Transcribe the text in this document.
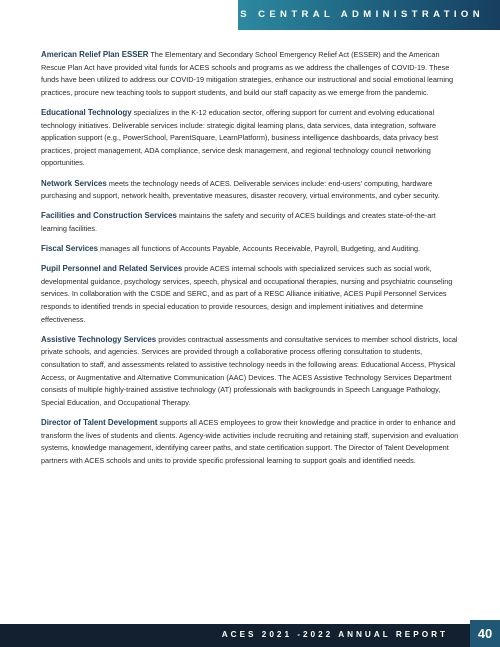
ACES CENTRAL ADMINISTRATION

American Relief Plan ESSER The Elementary and Secondary School Emergency Relief Act (ESSER) and the American Rescue Plan Act have provided vital funds for ACES schools and programs as we address the challenges of COVID-19. These funds have been utilized to address our COVID-19 mitigation strategies, enhance our instructional and social emotional learning practices, procure new teaching tools to support students, and build our staff capacity as we emerge from the pandemic.

Educational Technology specializes in the K-12 education sector, offering support for current and evolving educational technology initiatives. Deliverable services include: strategic digital learning plans, data services, data integration, software application support (e.g., PowerSchool, ParentSquare, LearnPlatform), business intelligence dashboards, data privacy best practices, project management, ADA compliance, service desk management, and regional technology council networking opportunities.

Network Services meets the technology needs of ACES. Deliverable services include: end-users' computing, hardware purchasing and support, network health, preventative measures, disaster recovery, virtual environments, and cyber security.

Facilities and Construction Services maintains the safety and security of ACES buildings and creates state-of-the-art learning facilities.

Fiscal Services manages all functions of Accounts Payable, Accounts Receivable, Payroll, Budgeting, and Auditing.

Pupil Personnel and Related Services provide ACES internal schools with specialized services such as social work, developmental guidance, psychology services, speech, physical and occupational therapies, nursing and psychiatric counseling services. In collaboration with the CSDE and SERC, and as part of a RESC Alliance initiative, ACES Pupil Personnel Services responds to identified trends in special education to provide resources, design and implement initiatives and determine effectiveness.

Assistive Technology Services provides contractual assessments and consultative services to member school districts, local private schools, and agencies. Services are provided through a collaborative process offering consultation to students, consultation to staff, and assessments related to assistive technology needs in the following areas: Educational Access, Physical Access, or Augmentative and Alternative Communication (AAC) Devices. The ACES Assistive Technology Services Department consists of multiple highly-trained assistive technology (AT) professionals with backgrounds in Speech Language Pathology, Special Education, and Occupational Therapy.

Director of Talent Development supports all ACES employees to grow their knowledge and practice in order to enhance and transform the lives of students and clients. Agency-wide activities include recruiting and retaining staff, supervision and evaluation systems, knowledge management, identifying career paths, and state certification support. The Director of Talent Development partners with ACES schools and units to provide specific professional learning to support goals and identified needs.

ACES 2021 -2022 ANNUAL REPORT	40
